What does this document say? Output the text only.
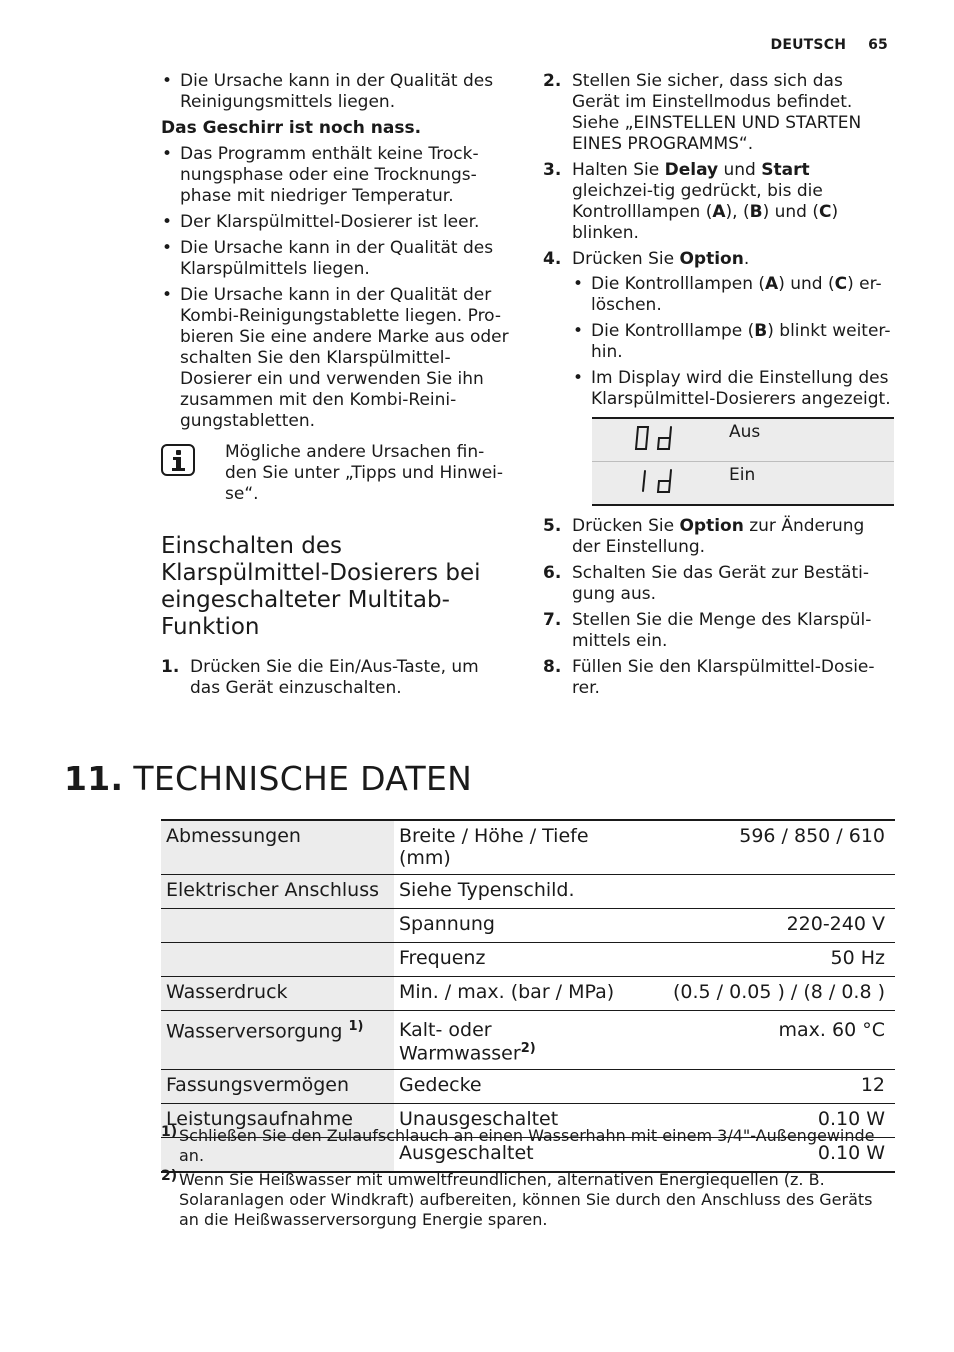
DEUTSCH 65
• Die Ursache kann in der Qualität des Reinigungsmittels liegen.
Das Geschirr ist noch nass.
• Das Programm enthält keine Trock-nungsphase oder eine Trocknungs-phase mit niedriger Temperatur.
• Der Klarspülmittel-Dosierer ist leer.
• Die Ursache kann in der Qualität des Klarspülmittels liegen.
• Die Ursache kann in der Qualität der Kombi-Reinigungstablette liegen. Pro-bieren Sie eine andere Marke aus oder schalten Sie den Klarspülmittel-Dosierer ein und verwenden Sie ihn zusammen mit den Kombi-Reini-gungstabletten.
Mögliche andere Ursachen fin-den Sie unter „Tipps und Hinwei-se“.
Einschalten des Klarspülmittel-Dosierers bei eingeschalteter Multitab-Funktion
1. Drücken Sie die Ein/Aus-Taste, um das Gerät einzuschalten.
2. Stellen Sie sicher, dass sich das Gerät im Einstellmodus befindet. Siehe „EINSTELLEN UND STARTEN EINES PROGRAMMS“.
3. Halten Sie Delay und Start gleichzei-tig gedrückt, bis die Kontrolllampen (A), (B) und (C) blinken.
4. Drücken Sie Option.
• Die Kontrolllampen (A) und (C) er-löschen.
• Die Kontrolllampe (B) blinkt weiter-hin.
• Im Display wird die Einstellung des Klarspülmittel-Dosierers angezeigt.
	Aus

	Ein
5. Drücken Sie Option zur Änderung der Einstellung.
6. Schalten Sie das Gerät zur Bestäti-gung aus.
7. Stellen Sie die Menge des Klarspül-mittels ein.
8. Füllen Sie den Klarspülmittel-Dosie-rer.
11. TECHNISCHE DATEN
Abmessungen	Breite / Höhe / Tiefe (mm)	596 / 850 / 610
Elektrischer Anschluss	Siehe Typenschild.	
	Spannung	220-240 V
	Frequenz	50 Hz
Wasserdruck	Min. / max. (bar / MPa)	(0.5 / 0.05 ) / (8 / 0.8 )
Wasserversorgung $^{1)}$	Kalt- oder Warmwasser$^{2)}$	max. 60 °C
Fassungsvermögen	Gedecke	12
Leistungsaufnahme	Unausgeschaltet	0.10 W
	Ausgeschaltet	0.10 W
1) Schließen Sie den Zulaufschlauch an einen Wasserhahn mit einem 3/4"-Außengewinde an.
2) Wenn Sie Heißwasser mit umweltfreundlichen, alternativen Energiequellen (z. B. Solaranlagen oder Windkraft) aufbereiten, können Sie durch den Anschluss des Geräts an die Heißwasserversorgung Energie sparen.
